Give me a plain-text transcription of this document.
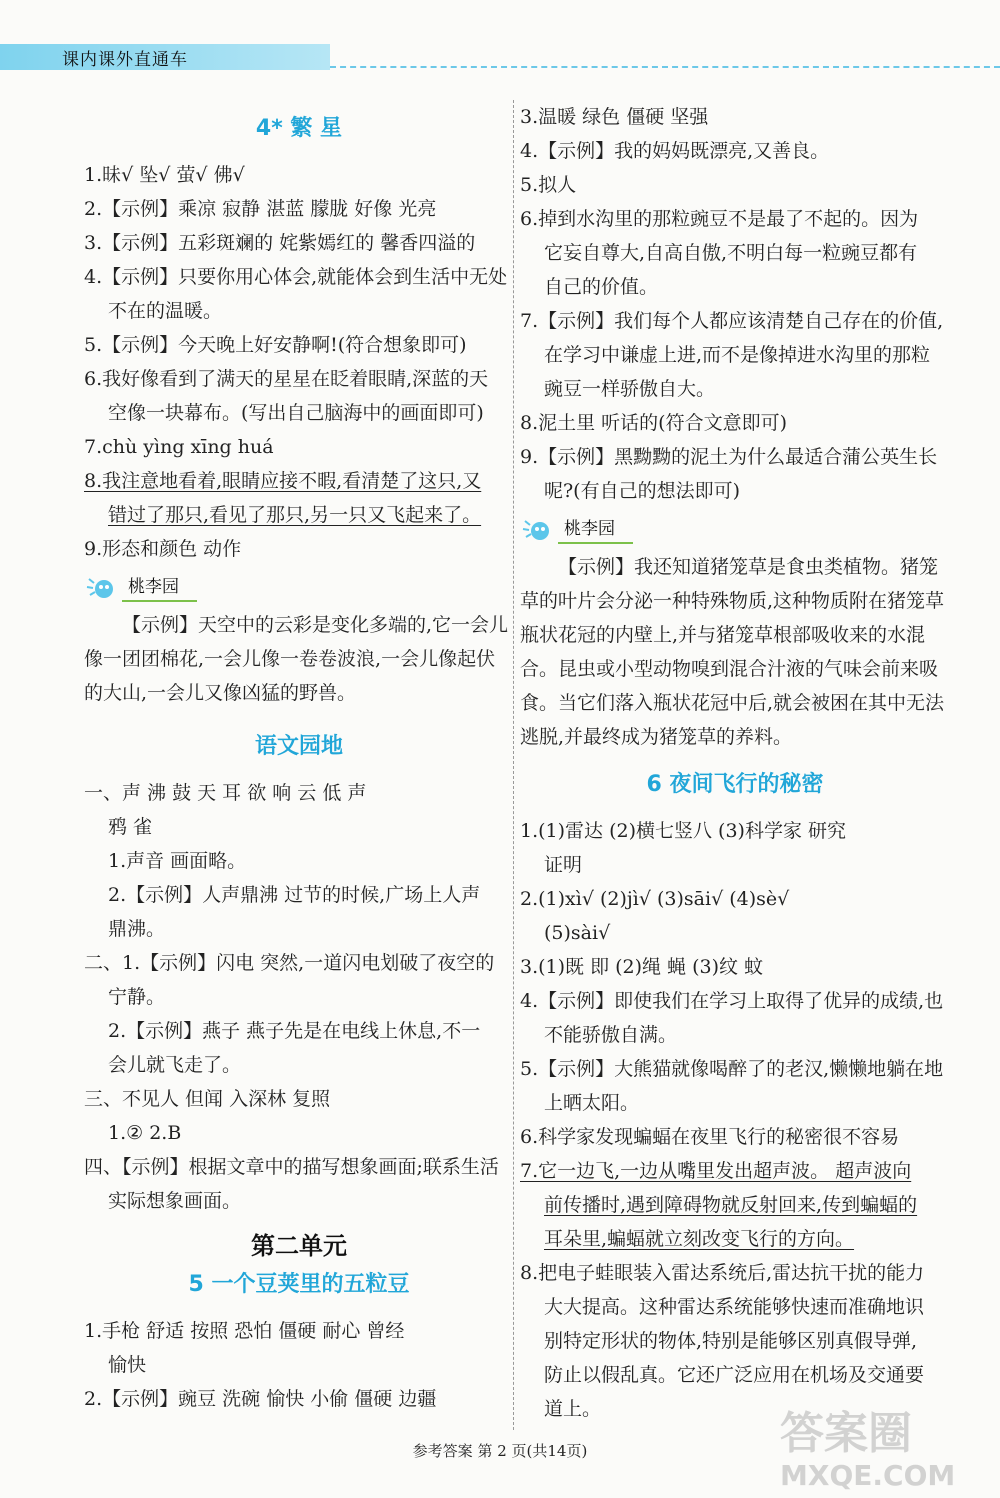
课内课外直通车
4* 繁 星

1.昧√ 坠√ 萤√ 佛√

2.【示例】乘凉 寂静 湛蓝 朦胧 好像 光亮

3.【示例】五彩斑斓的 姹紫嫣红的 馨香四溢的

4.【示例】只要你用心体会,就能体会到生活中无处

不在的温暖。

5.【示例】今天晚上好安静啊!(符合想象即可)

6.我好像看到了满天的星星在眨着眼睛,深蓝的天

空像一块幕布。(写出自己脑海中的画面即可)

7.chù yìng xīng huá

8.我注意地看着,眼睛应接不暇,看清楚了这只,又

错过了那只,看见了那只,另一只又飞起来了。

9.形态和颜色 动作

桃李园

【示例】天空中的云彩是变化多端的,它一会儿像一团团棉花,一会儿像一卷卷波浪,一会儿像起伏的大山,一会儿又像凶猛的野兽。

语文园地

一、声 沸 鼓 天 耳 欲 响 云 低 声

鸦 雀

1.声音 画面略。

2.【示例】人声鼎沸 过节的时候,广场上人声

鼎沸。

二、1.【示例】闪电 突然,一道闪电划破了夜空的

宁静。

2.【示例】燕子 燕子先是在电线上休息,不一

会儿就飞走了。

三、不见人 但闻 入深林 复照

1.② 2.B

四、【示例】根据文章中的描写想象画面;联系生活

实际想象画面。

第二单元
5 一个豆荚里的五粒豆

1.手枪 舒适 按照 恐怕 僵硬 耐心 曾经

愉快

2.【示例】豌豆 洗碗 愉快 小偷 僵硬 边疆

3.温暖 绿色 僵硬 坚强

4.【示例】我的妈妈既漂亮,又善良。

5.拟人

6.掉到水沟里的那粒豌豆不是最了不起的。因为

它妄自尊大,自高自傲,不明白每一粒豌豆都有

自己的价值。

7.【示例】我们每个人都应该清楚自己存在的价值,

在学习中谦虚上进,而不是像掉进水沟里的那粒

豌豆一样骄傲自大。

8.泥土里 听话的(符合文意即可)

9.【示例】黑黝黝的泥土为什么最适合蒲公英生长

呢?(有自己的想法即可)

桃李园

【示例】我还知道猪笼草是食虫类植物。猪笼草的叶片会分泌一种特殊物质,这种物质附在猪笼草瓶状花冠的内壁上,并与猪笼草根部吸收来的水混合。昆虫或小型动物嗅到混合汁液的气味会前来吸食。当它们落入瓶状花冠中后,就会被困在其中无法逃脱,并最终成为猪笼草的养料。

6 夜间飞行的秘密

1.(1)雷达 (2)横七竖八 (3)科学家 研究

证明

2.(1)xì√ (2)jì√ (3)sāi√ (4)sè√

(5)sài√

3.(1)既 即 (2)绳 蝇 (3)纹 蚊

4.【示例】即使我们在学习上取得了优异的成绩,也

不能骄傲自满。

5.【示例】大熊猫就像喝醉了的老汉,懒懒地躺在地

上晒太阳。

6.科学家发现蝙蝠在夜里飞行的秘密很不容易

7.它一边飞,一边从嘴里发出超声波。 超声波向

前传播时,遇到障碍物就反射回来,传到蝙蝠的

耳朵里,蝙蝠就立刻改变飞行的方向。

8.把电子蛙眼装入雷达系统后,雷达抗干扰的能力

大大提高。这种雷达系统能够快速而准确地识

别特定形状的物体,特别是能够区别真假导弹,

防止以假乱真。它还广泛应用在机场及交通要

道上。

参考答案 第 2 页(共14页)	答案圈
MXQE.COM
